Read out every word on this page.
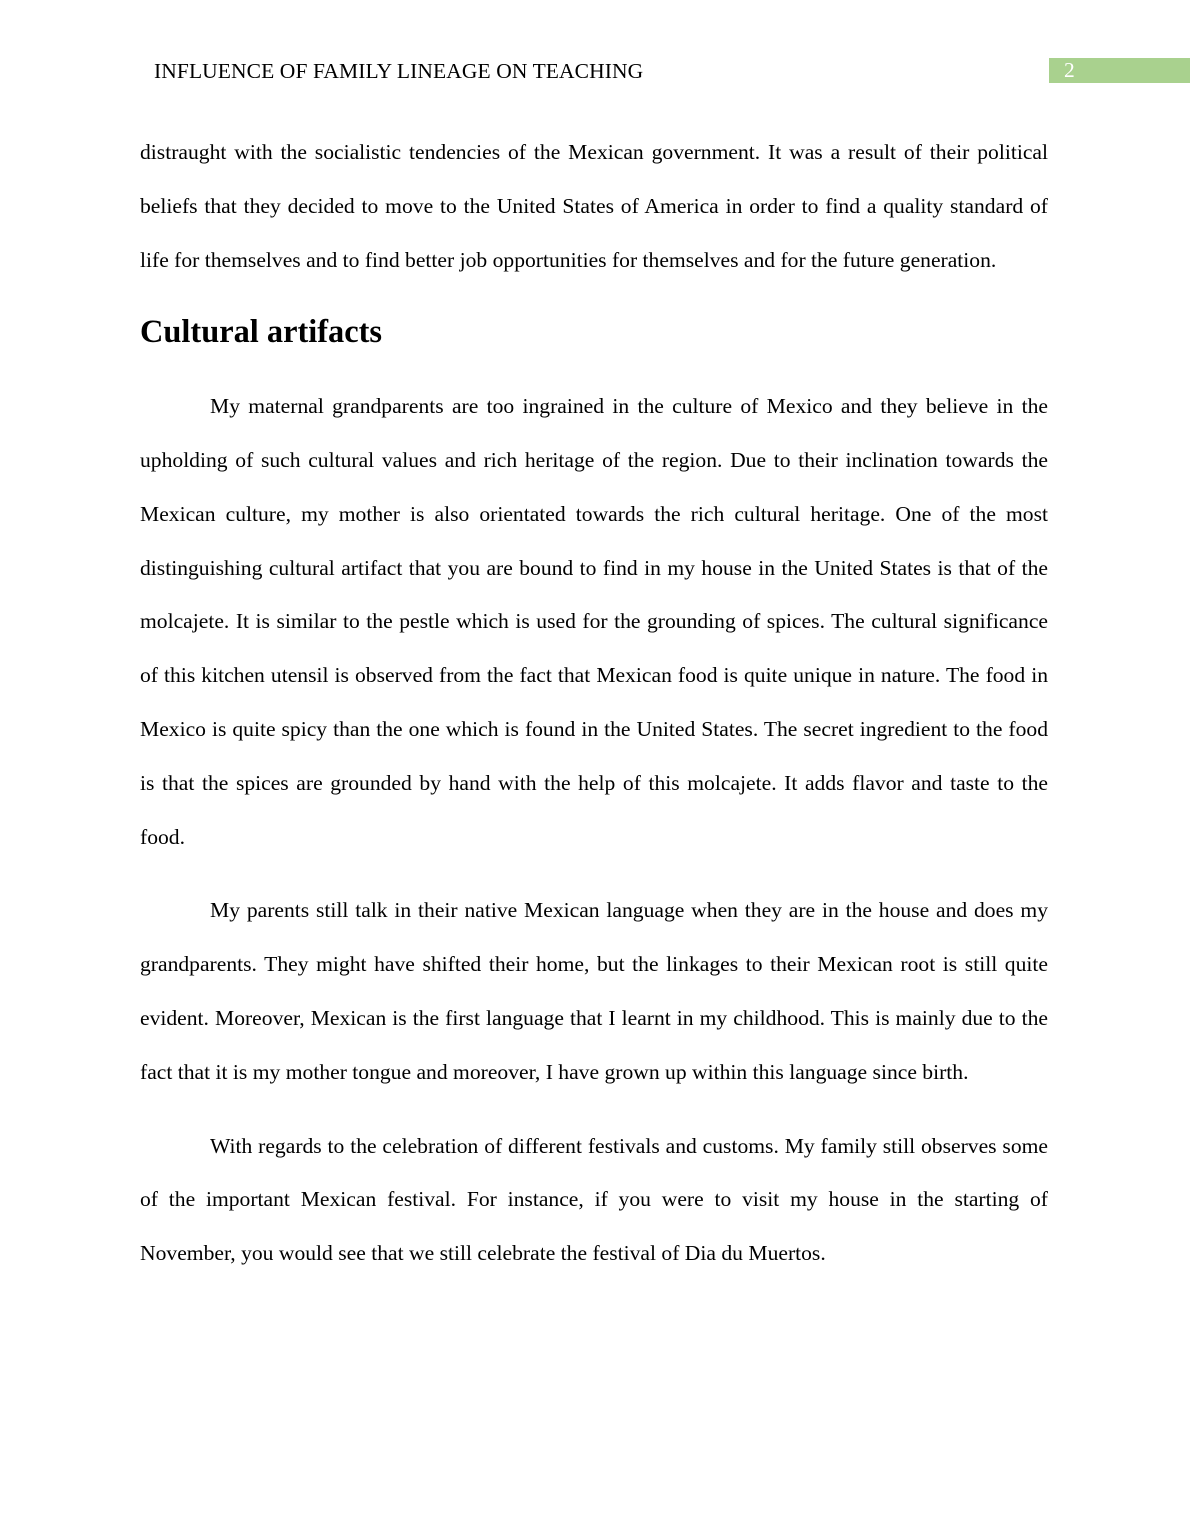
INFLUENCE OF FAMILY LINEAGE ON TEACHING	2

distraught with the socialistic tendencies of the Mexican government. It was a result of their political beliefs that they decided to move to the United States of America in order to find a quality standard of life for themselves and to find better job opportunities for themselves and for the future generation.

Cultural artifacts

My maternal grandparents are too ingrained in the culture of Mexico and they believe in the upholding of such cultural values and rich heritage of the region. Due to their inclination towards the Mexican culture, my mother is also orientated towards the rich cultural heritage. One of the most distinguishing cultural artifact that you are bound to find in my house in the United States is that of the molcajete. It is similar to the pestle which is used for the grounding of spices. The cultural significance of this kitchen utensil is observed from the fact that Mexican food is quite unique in nature. The food in Mexico is quite spicy than the one which is found in the United States. The secret ingredient to the food is that the spices are grounded by hand with the help of this molcajete. It adds flavor and taste to the food.

My parents still talk in their native Mexican language when they are in the house and does my grandparents. They might have shifted their home, but the linkages to their Mexican root is still quite evident. Moreover, Mexican is the first language that I learnt in my childhood. This is mainly due to the fact that it is my mother tongue and moreover, I have grown up within this language since birth.

With regards to the celebration of different festivals and customs. My family still observes some of the important Mexican festival. For instance, if you were to visit my house in the starting of November, you would see that we still celebrate the festival of Dia du Muertos.
